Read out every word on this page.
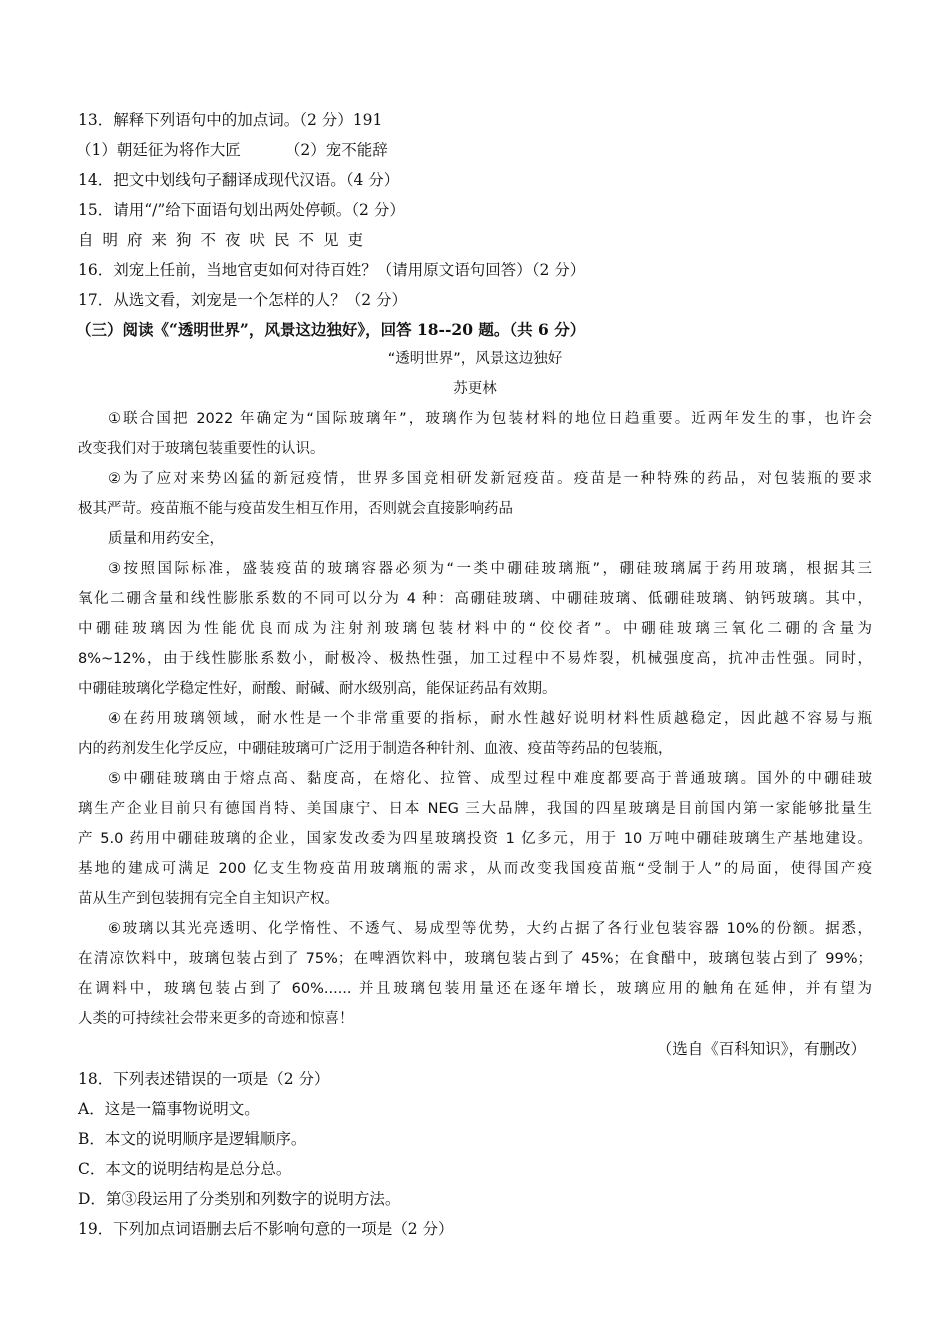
13．解释下列语句中的加点词。（2 分）191
（1）朝廷征为将作大匠	（2）宠不能辞
14．把文中划线句子翻译成现代汉语。（4 分）
15．请用“/”给下面语句划出两处停顿。（2 分）
自明府来狗不夜吠民不见吏
16．刘宠上任前，当地官吏如何对待百姓？（请用原文语句回答）（2 分）
17．从选文看，刘宠是一个怎样的人？（2 分）
（三）阅读《“透明世界”，风景这边独好》，回答 18--20 题。（共 6 分）
“透明世界”，风景这边独好
苏更林
①联合国把 2022 年确定为“国际玻璃年”，玻璃作为包装材料的地位日趋重要。近两年发生的事，也许会
改变我们对于玻璃包装重要性的认识。
②为了应对来势凶猛的新冠疫情，世界多国竞相研发新冠疫苗。疫苗是一种特殊的药品，对包装瓶的要求
极其严苛。疫苗瓶不能与疫苗发生相互作用，否则就会直接影响药品
质量和用药安全，
③按照国际标准，盛装疫苗的玻璃容器必须为“一类中硼硅玻璃瓶”，硼硅玻璃属于药用玻璃，根据其三
氧化二硼含量和线性膨胀系数的不同可以分为 4 种：高硼硅玻璃、中硼硅玻璃、低硼硅玻璃、钠钙玻璃。其中，
中硼硅玻璃因为性能优良而成为注射剂玻璃包装材料中的“佼佼者”。中硼硅玻璃三氧化二硼的含量为
8%~12%，由于线性膨胀系数小，耐极冷、极热性强，加工过程中不易炸裂，机械强度高，抗冲击性强。同时，
中硼硅玻璃化学稳定性好，耐酸、耐碱、耐水级别高，能保证药品有效期。
④在药用玻璃领域，耐水性是一个非常重要的指标，耐水性越好说明材料性质越稳定，因此越不容易与瓶
内的药剂发生化学反应，中硼硅玻璃可广泛用于制造各种针剂、血液、疫苗等药品的包装瓶，
⑤中硼硅玻璃由于熔点高、黏度高，在熔化、拉管、成型过程中难度都要高于普通玻璃。国外的中硼硅玻
璃生产企业目前只有德国肖特、美国康宁、日本 NEG 三大品牌，我国的四星玻璃是目前国内第一家能够批量生
产 5.0 药用中硼硅玻璃的企业，国家发改委为四星玻璃投资 1 亿多元，用于 10 万吨中硼硅玻璃生产基地建设。
基地的建成可满足 200 亿支生物疫苗用玻璃瓶的需求，从而改变我国疫苗瓶“受制于人”的局面，使得国产疫
苗从生产到包装拥有完全自主知识产权。
⑥玻璃以其光亮透明、化学惰性、不透气、易成型等优势，大约占据了各行业包装容器 10%的份额。据悉，
在清凉饮料中，玻璃包装占到了 75%；在啤酒饮料中，玻璃包装占到了 45%；在食醋中，玻璃包装占到了 99%；
在调料中，玻璃包装占到了 60%...... 并且玻璃包装用量还在逐年增长，玻璃应用的触角在延伸，并有望为
人类的可持续社会带来更多的奇迹和惊喜！
（选自《百科知识》，有删改）
18．下列表述错误的一项是（2 分）
A．这是一篇事物说明文。
B．本文的说明顺序是逻辑顺序。
C．本文的说明结构是总分总。
D．第③段运用了分类别和列数字的说明方法。
19．下列加点词语删去后不影响句意的一项是（2 分）
